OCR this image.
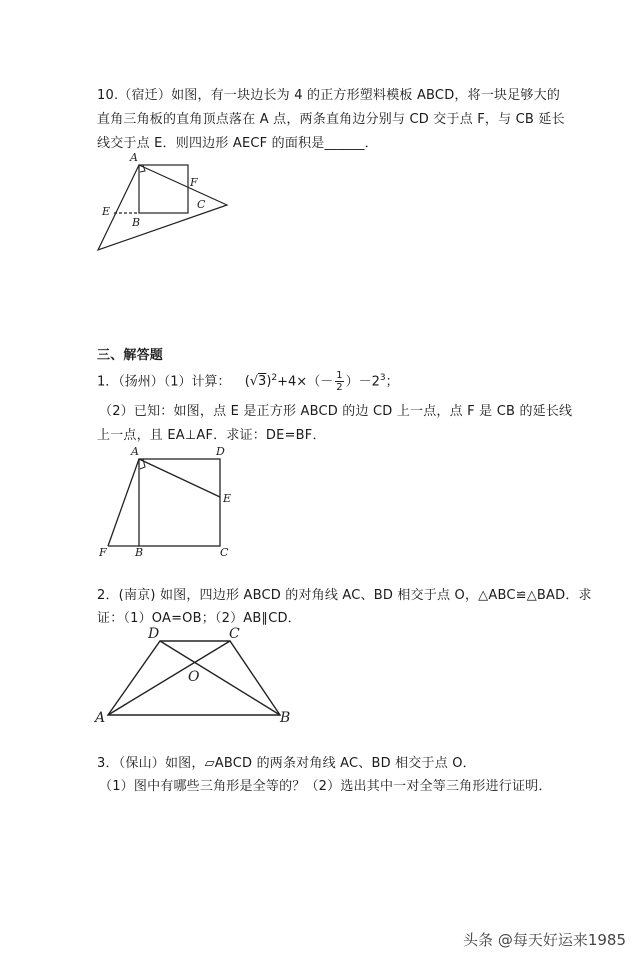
10.（宿迁）如图，有一块边长为 4 的正方形塑料模板 ABCD，将一块足够大的
直角三角板的直角顶点落在 A 点，两条直角边分别与 CD 交于点 F，与 CB 延长
线交于点 E．则四边形 AECF 的面积是______．
A
F
C
E
B
三、解答题
1．（扬州）（1）计算： $(√3)^2+4\times(- \frac{1}{2} )-2^3$；
（2）已知：如图，点 E 是正方形 ABCD 的边 CD 上一点，点 F 是 CB 的延长线
上一点，且 EA⊥AF．求证：DE=BF．
A	D
E
F	B	C
2．(南京) 如图，四边形 ABCD 的对角线 AC、BD 相交于点 O，△ABC≌△BAD．求
证：（1）OA=OB；（2）AB∥CD．
D	C
O
A	B
3．（保山）如图，▱ABCD 的两条对角线 AC、BD 相交于点 O．
（1）图中有哪些三角形是全等的？（2）选出其中一对全等三角形进行证明．
头条 @每天好运来1985
